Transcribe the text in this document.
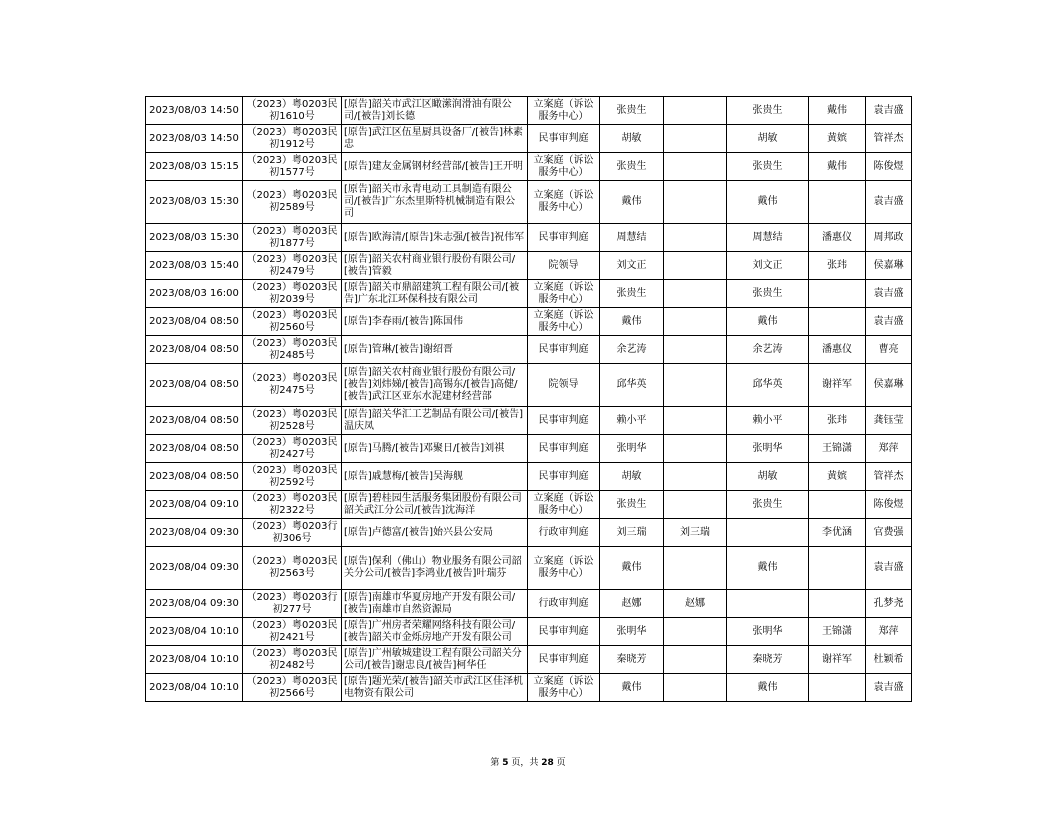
2023/08/03 14:50	（2023）粤0203民初1610号	[原告]韶关市武江区瞰潆润滑油有限公司/[被告]刘长德	立案庭（诉讼服务中心）	张贵生		张贵生	戴伟	袁吉盛
2023/08/03 14:50	（2023）粤0203民初1912号	[原告]武江区伍星厨具设备厂/[被告]林素忠	民事审判庭	胡敏		胡敏	黄嫔	管祥杰
2023/08/03 15:15	（2023）粤0203民初1577号	[原告]建友金属钢材经营部/[被告]王开明	立案庭（诉讼服务中心）	张贵生		张贵生	戴伟	陈俊煜
2023/08/03 15:30	（2023）粤0203民初2589号	[原告]韶关市永青电动工具制造有限公司/[被告]广东杰里斯特机械制造有限公司	立案庭（诉讼服务中心）	戴伟		戴伟		袁吉盛
2023/08/03 15:30	（2023）粤0203民初1877号	[原告]欧海清/[原告]朱志强/[被告]祝伟军	民事审判庭	周慧结		周慧结	潘惠仪	周邦政
2023/08/03 15:40	（2023）粤0203民初2479号	[原告]韶关农村商业银行股份有限公司/[被告]管毅	院领导	刘文正		刘文正	张玮	侯嘉琳
2023/08/03 16:00	（2023）粤0203民初2039号	[原告]韶关市鼎韶建筑工程有限公司/[被告]广东北江环保科技有限公司	立案庭（诉讼服务中心）	张贵生		张贵生		袁吉盛
2023/08/04 08:50	（2023）粤0203民初2560号	[原告]李春雨/[被告]陈国伟	立案庭（诉讼服务中心）	戴伟		戴伟		袁吉盛
2023/08/04 08:50	（2023）粤0203民初2485号	[原告]管琳/[被告]谢绍晋	民事审判庭	余艺涛		余艺涛	潘惠仪	曹亮
2023/08/04 08:50	（2023）粤0203民初2475号	[原告]韶关农村商业银行股份有限公司/[被告]刘炜娣/[被告]高锡东/[被告]高健/[被告]武江区亚东水泥建材经营部	院领导	邱华英		邱华英	谢祥军	侯嘉琳
2023/08/04 08:50	（2023）粤0203民初2528号	[原告]韶关华汇工艺制品有限公司/[被告]温庆凤	民事审判庭	赖小平		赖小平	张玮	龚钰莹
2023/08/04 08:50	（2023）粤0203民初2427号	[原告]马腾/[被告]邓聚日/[被告]刘祺	民事审判庭	张明华		张明华	王锦潇	郑萍
2023/08/04 08:50	（2023）粤0203民初2592号	[原告]戚慧梅/[被告]吴海舰	民事审判庭	胡敏		胡敏	黄嫔	管祥杰
2023/08/04 09:10	（2023）粤0203民初2322号	[原告]碧桂园生活服务集团股份有限公司韶关武江分公司/[被告]沈海洋	立案庭（诉讼服务中心）	张贵生		张贵生		陈俊煜
2023/08/04 09:30	（2023）粤0203行初306号	[原告]卢德富/[被告]始兴县公安局	行政审判庭	刘三瑞	刘三瑞		李优涵	官费强
2023/08/04 09:30	（2023）粤0203民初2563号	[原告]保利（佛山）物业服务有限公司韶关分公司/[被告]李鸿业/[被告]叶瑞芬	立案庭（诉讼服务中心）	戴伟		戴伟		袁吉盛
2023/08/04 09:30	（2023）粤0203行初277号	[原告]南雄市华夏房地产开发有限公司/[被告]南雄市自然资源局	行政审判庭	赵娜	赵娜			孔梦尧
2023/08/04 10:10	（2023）粤0203民初2421号	[原告]广州房者荣耀网络科技有限公司/[被告]韶关市金烁房地产开发有限公司	民事审判庭	张明华		张明华	王锦潇	郑萍
2023/08/04 10:10	（2023）粤0203民初2482号	[原告]广州敏城建设工程有限公司韶关分公司/[被告]谢忠良/[被告]柯华任	民事审判庭	秦晓芳		秦晓芳	谢祥军	杜颖希
2023/08/04 10:10	（2023）粤0203民初2566号	[原告]题光荣/[被告]韶关市武江区佳泽机电物资有限公司	立案庭（诉讼服务中心）	戴伟		戴伟		袁吉盛
第 5 页，共 28 页
